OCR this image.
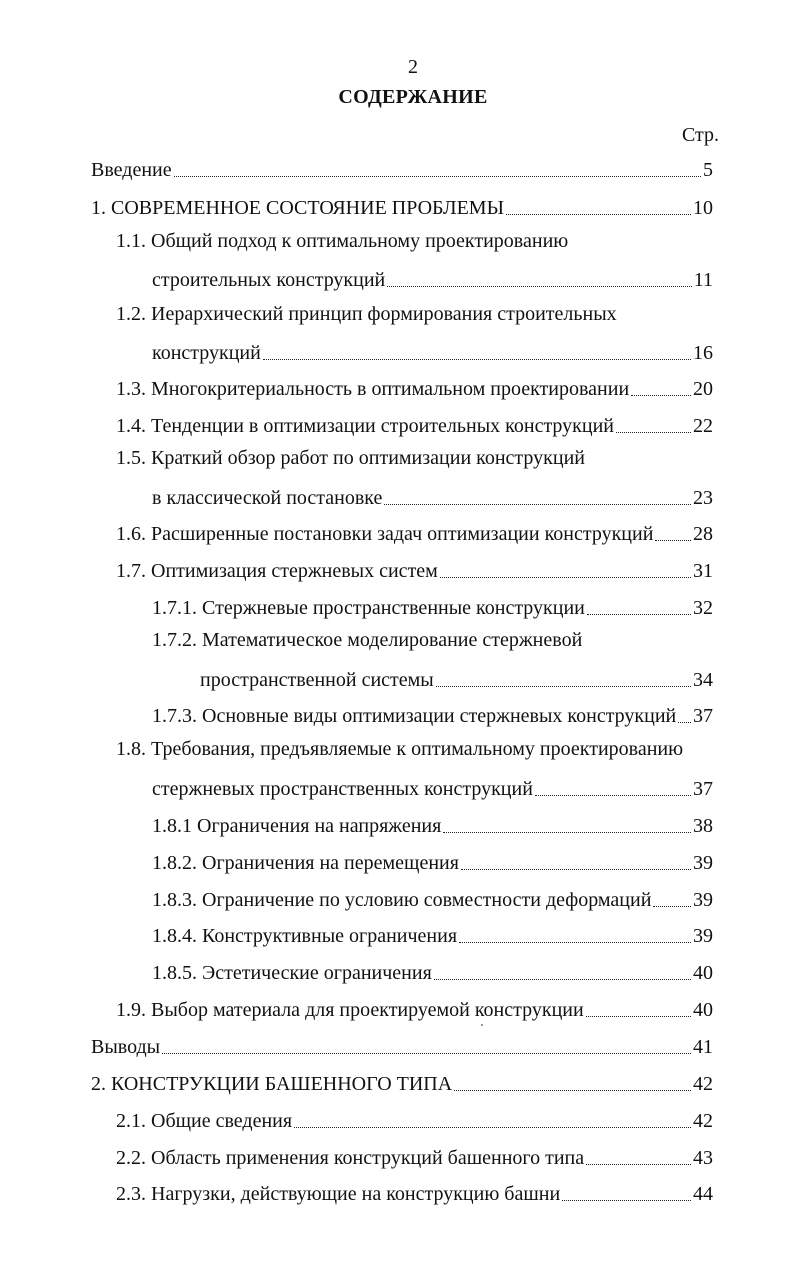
2
СОДЕРЖАНИЕ
Стр.
Введение	5
1. СОВРЕМЕННОЕ СОСТОЯНИЕ ПРОБЛЕМЫ	10
1.1. Общий подход к оптимальному проектированию
строительных конструкций	11
1.2. Иерархический принцип формирования строительных
конструкций	16
1.3. Многокритериальность в оптимальном проектировании	20
1.4. Тенденции в оптимизации строительных конструкций	22
1.5. Краткий обзор работ по оптимизации конструкций
в классической постановке	23
1.6. Расширенные постановки задач оптимизации конструкций 28
1.7. Оптимизация стержневых систем	31
1.7.1. Стержневые пространственные конструкции	32
1.7.2. Математическое моделирование стержневой
пространственной системы	34
1.7.3. Основные виды оптимизации стержневых конструкций 37
1.8. Требования, предъявляемые к оптимальному проектированию
стержневых пространственных конструкций	37
1.8.1 Ограничения на напряжения	38
1.8.2. Ограничения на перемещения	39
1.8.3. Ограничение по условию совместности деформаций 39
1.8.4. Конструктивные ограничения	39
1.8.5. Эстетические ограничения	40
1.9. Выбор материала для проектируемой конструкции	40
Выводы	41
2. КОНСТРУКЦИИ БАШЕННОГО ТИПА	42
2.1. Общие сведения	42
2.2. Область применения конструкций башенного типа	43
2.3. Нагрузки, действующие на конструкцию башни	44
